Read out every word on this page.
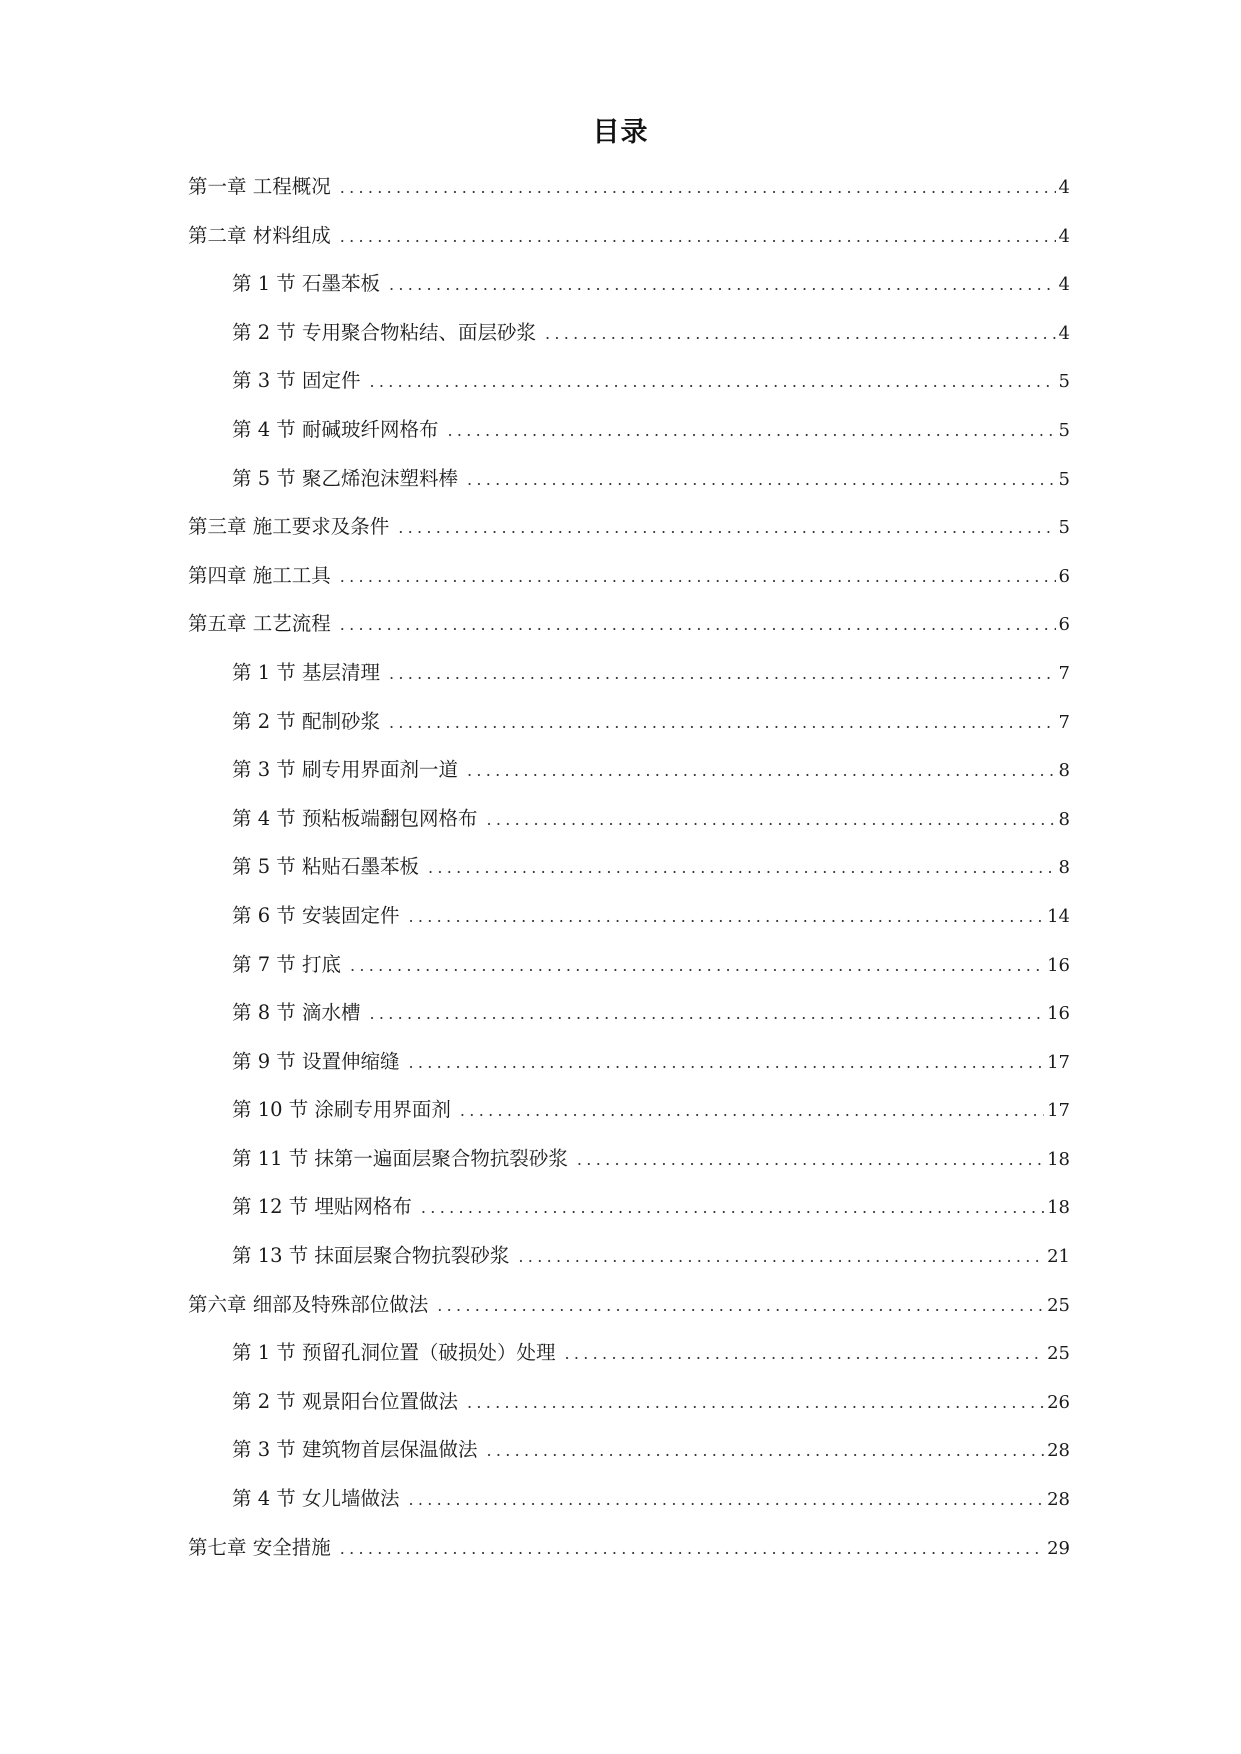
目录
第一章 工程概况 .....	4
第二章 材料组成 .....	4
第 1 节 石墨苯板 .....	4
第 2 节 专用聚合物粘结、面层砂浆 .....	4
第 3 节 固定件 .....	5
第 4 节 耐碱玻纤网格布 .....	5
第 5 节 聚乙烯泡沫塑料棒 .....	5
第三章 施工要求及条件 .....	5
第四章 施工工具 .....	6
第五章 工艺流程 .....	6
第 1 节 基层清理 .....	7
第 2 节 配制砂浆 .....	7
第 3 节 刷专用界面剂一道 .....	8
第 4 节 预粘板端翻包网格布 .....	8
第 5 节 粘贴石墨苯板 .....	8
第 6 节 安装固定件 .....	14
第 7 节 打底 .....	16
第 8 节 滴水槽 .....	16
第 9 节 设置伸缩缝 .....	17
第 10 节 涂刷专用界面剂 .....	17
第 11 节 抹第一遍面层聚合物抗裂砂浆 .....	18
第 12 节 埋贴网格布 .....	18
第 13 节 抹面层聚合物抗裂砂浆 .....	21
第六章 细部及特殊部位做法 .....	25
第 1 节 预留孔洞位置（破损处）处理 .....	25
第 2 节 观景阳台位置做法 .....	26
第 3 节 建筑物首层保温做法 .....	28
第 4 节 女儿墙做法 .....	28
第七章 安全措施 .....	29
